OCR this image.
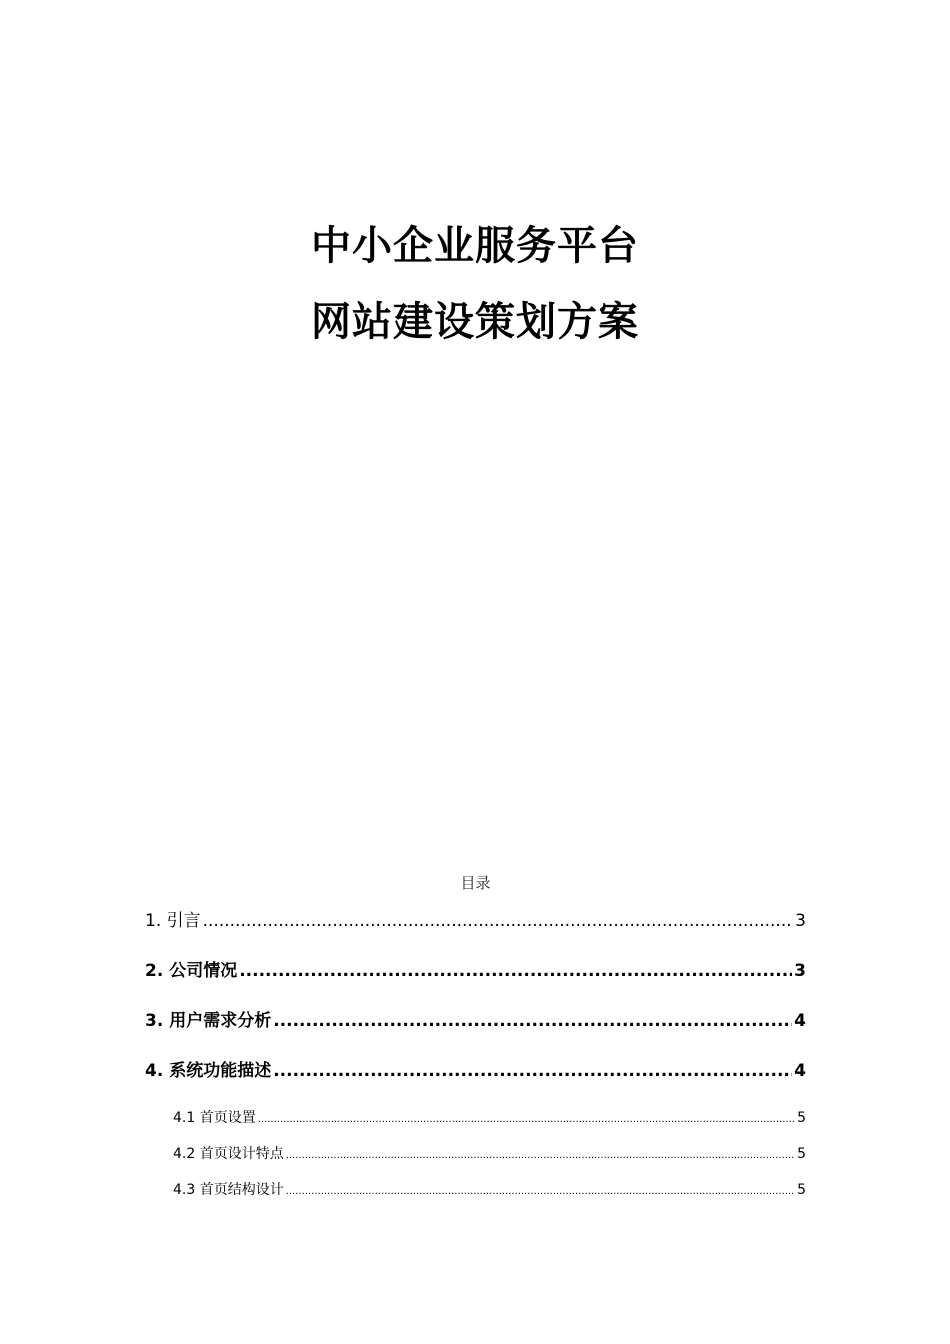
中小企业服务平台
网站建设策划方案
目录
1. 引言 .....	3
2. 公司情况 .....	3
3. 用户需求分析 .....	4
4. 系统功能描述 .....	4
4.1 首页设置 .....	5
4.2 首页设计特点 .....	5
4.3 首页结构设计 .....	5
